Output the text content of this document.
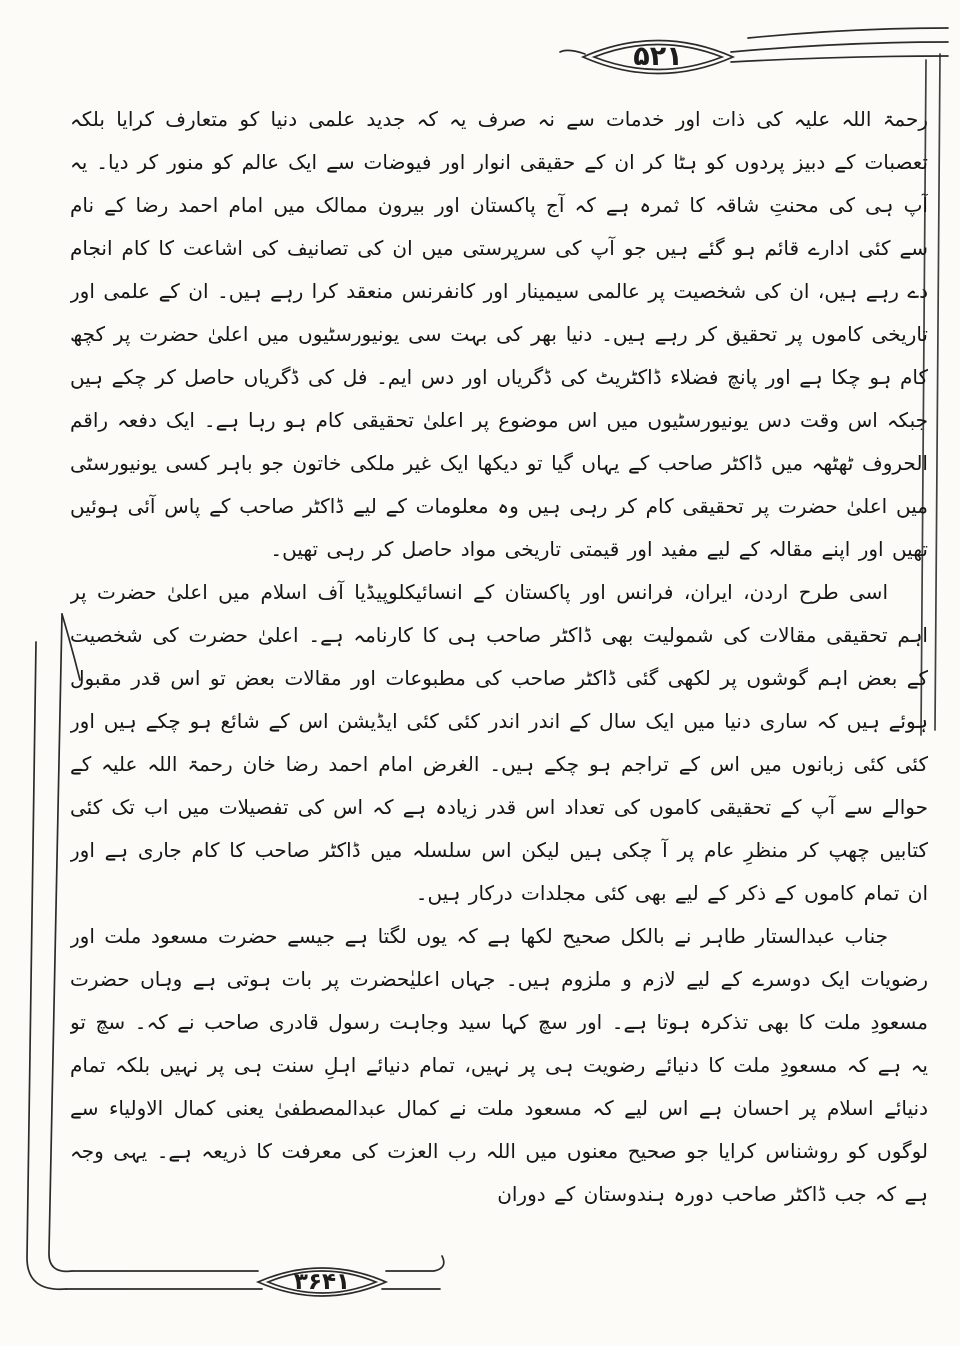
۵۲۱
۳۶۴۱

رحمۃ اللہ علیہ کی ذات اور خدمات سے نہ صرف یہ کہ جدید علمی دنیا کو متعارف کرایا بلکہ تعصبات کے دبیز پردوں کو ہٹا کر ان کے حقیقی انوار اور فیوضات سے ایک عالم کو منور کر دیا۔ یہ آپ ہی کی محنتِ شاقہ کا ثمرہ ہے کہ آج پاکستان اور بیرون ممالک میں امام احمد رضا کے نام سے کئی ادارے قائم ہو گئے ہیں جو آپ کی سرپرستی میں ان کی تصانیف کی اشاعت کا کام انجام دے رہے ہیں، ان کی شخصیت پر عالمی سیمینار اور کانفرنس منعقد کرا رہے ہیں۔ ان کے علمی اور تاریخی کاموں پر تحقیق کر رہے ہیں۔ دنیا بھر کی بہت سی یونیورسٹیوں میں اعلیٰ حضرت پر کچھ کام ہو چکا ہے اور پانچ فضلاء ڈاکٹریٹ کی ڈگریاں اور دس ایم۔ فل کی ڈگریاں حاصل کر چکے ہیں جبکہ اس وقت دس یونیورسٹیوں میں اس موضوع پر اعلیٰ تحقیقی کام ہو رہا ہے۔ ایک دفعہ راقم الحروف ٹھٹھہ میں ڈاکٹر صاحب کے یہاں گیا تو دیکھا ایک غیر ملکی خاتون جو باہر کسی یونیورسٹی میں اعلیٰ حضرت پر تحقیقی کام کر رہی ہیں وہ معلومات کے لیے ڈاکٹر صاحب کے پاس آئی ہوئیں تھیں اور اپنے مقالہ کے لیے مفید اور قیمتی تاریخی مواد حاصل کر رہی تھیں۔

اسی طرح اردن، ایران، فرانس اور پاکستان کے انسائیکلوپیڈیا آف اسلام میں اعلیٰ حضرت پر اہم تحقیقی مقالات کی شمولیت بھی ڈاکٹر صاحب ہی کا کارنامہ ہے۔ اعلیٰ حضرت کی شخصیت کے بعض اہم گوشوں پر لکھی گئی ڈاکٹر صاحب کی مطبوعات اور مقالات بعض تو اس قدر مقبول ہوئے ہیں کہ ساری دنیا میں ایک سال کے اندر اندر کئی کئی ایڈیشن اس کے شائع ہو چکے ہیں اور کئی کئی زبانوں میں اس کے تراجم ہو چکے ہیں۔ الغرض امام احمد رضا خان رحمۃ اللہ علیہ کے حوالے سے آپ کے تحقیقی کاموں کی تعداد اس قدر زیادہ ہے کہ اس کی تفصیلات میں اب تک کئی کتابیں چھپ کر منظرِ عام پر آ چکی ہیں لیکن اس سلسلہ میں ڈاکٹر صاحب کا کام جاری ہے اور ان تمام کاموں کے ذکر کے لیے بھی کئی مجلدات درکار ہیں۔

جناب عبدالستار طاہر نے بالکل صحیح لکھا ہے کہ یوں لگتا ہے جیسے حضرت مسعود ملت اور رضویات ایک دوسرے کے لیے لازم و ملزوم ہیں۔ جہاں اعلیٰحضرت پر بات ہوتی ہے وہاں حضرت مسعودِ ملت کا بھی تذکرہ ہوتا ہے۔ اور سچ کہا سید وجاہت رسول قادری صاحب نے کہ۔ سچ تو یہ ہے کہ مسعودِ ملت کا دنیائے رضویت ہی پر نہیں، تمام دنیائے اہلِ سنت ہی پر نہیں بلکہ تمام دنیائے اسلام پر احسان ہے اس لیے کہ مسعود ملت نے کمال عبدالمصطفیٰ یعنی کمال الاولیاء سے لوگوں کو روشناس کرایا جو صحیح معنوں میں اللہ رب العزت کی معرفت کا ذریعہ ہے۔ یہی وجہ ہے کہ جب ڈاکٹر صاحب دورہ ہندوستان کے دوران
